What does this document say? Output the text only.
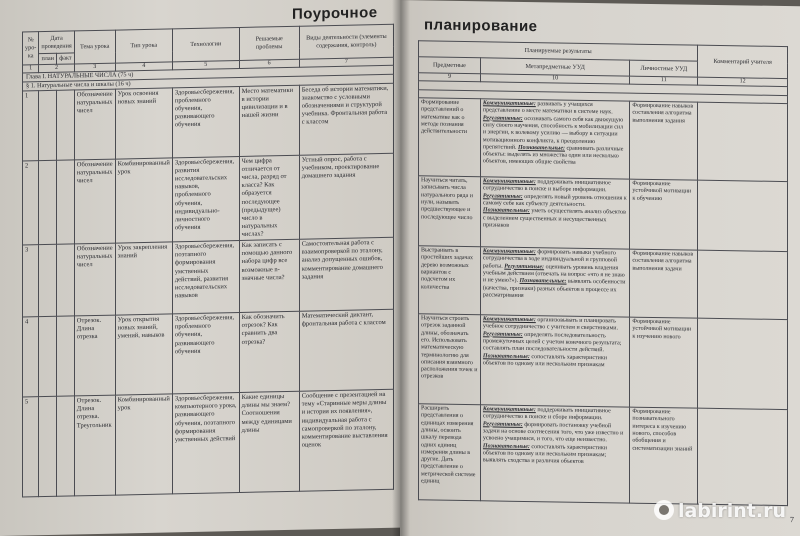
Поурочное
№ уро-ка	Дата проведения		Тема урока	Тип урока	Технологии	Решаемые проблемы	Виды деятельности (элементы содержания, контроль)
	план	факт					
1	2		3	4	5	6	7
Глава I. НАТУРАЛЬНЫЕ ЧИСЛА (75 ч)							
§ 1. Натуральные числа и шкалы (16 ч)							
1			Обозначение натуральных чисел	Урок освоения новых знаний	Здоровьесбережения, проблемного обучения, развивающего обучения	Место математики в истории цивилизации и в нашей жизни	Беседа об истории математики, знакомство с условными обозначениями и структурой учебника. Фронтальная работа с классом
2			Обозначение натуральных чисел	Комбинированный урок	Здоровьесбережения, развития исследовательских навыков, проблемного обучения, индивидуально-личностного обучения	Чем цифра отличается от числа, разряд от класса? Как образуется последующее (предыдущее) число в натуральных числах?	Устный опрос, работа с учебником, проектирование домашнего задания
3			Обозначение натуральных чисел	Урок закрепления знаний	Здоровьесбережения, поэтапного формирования умственных действий, развития исследовательских навыков	Как записать с помощью данного набора цифр все возможные n-значные числа?	Самостоятельная работа с взаимопроверкой по эталону, анализ допущенных ошибок, комментирование домашнего задания
4			Отрезок. Длина отрезка	Урок открытия новых знаний, умений, навыков	Здоровьесбережения, проблемного обучения, развивающего обучения	Как обозначить отрезок? Как сравнить два отрезка?	Математический диктант, фронтальная работа с классом
5			Отрезок. Длина отрезка. Треугольник	Комбинированный урок	Здоровьесбережения, компьютерного урока, развивающего обучения, поэтапного формирования умственных действий	Какие единицы длины мы знаем? Соотношения между единицами длины	Сообщение с презентацией на тему «Старинные меры длины и история их появления», индивидуальная работа с самопроверкой по эталону, комментирование выставления оценок
планирование
Планируемые результаты			Комментарий учителя
Предметные	Метапредметные УУД	Личностные УУД	
9	10	11	12

Формирование представлений о математике как о методе познания действительности	Коммуникативные: развивать у учащихся представление о месте математики в системе наук. Регулятивные: осознавать самого себя как движущую силу своего научения, способность к мобилизации сил и энергии, к волевому усилию — выбору в ситуации мотивационного конфликта, к преодолению препятствий. Познавательные: сравнивать различные объекты: выделять из множества один или несколько объектов, имеющих общие свойства	Формирование навыков составления алгоритма выполнения задания	
Научиться читать, записывать числа натурального ряда и нули, называть предшествующее и последующее число	Коммуникативные: поддерживать инициативное сотрудничество в поиске и выборе информации. Регулятивные: определять новый уровень отношения к самому себе как субъекту деятельности. Познавательные: уметь осуществлять анализ объектов с выделением существенных и несущественных признаков	Формирование устойчивой мотивации к обучению	
Выстраивать в простейших задачах дерево возможных вариантов с подсчетом их количества	Коммуникативные: формировать навыки учебного сотрудничества в ходе индивидуальной и групповой работы. Регулятивные: оценивать уровень владения учебным действием (отвечать на вопрос «что я не знаю и не умею?»). Познавательные: выявлять особенности (качества, признаки) разных объектов в процессе их рассматривания	Формирование навыков составления алгоритма выполнения задачи	
Научиться строить отрезок заданной длины, обозначать его. Использовать математическую терминологию для описания взаимного расположения точек и отрезков	Коммуникативные: организовывать и планировать учебное сотрудничество с учителем и сверстниками. Регулятивные: определять последовательность промежуточных целей с учетом конечного результата; составлять план последовательности действий. Познавательные: сопоставлять характеристики объектов по одному или нескольким признакам	Формирование устойчивой мотивации к изучению нового	
Расширить представления о единицах измерения длины, освоить шкалу перевода одних единиц измерения длины в другие. Дать представление о метрической системе единиц	Коммуникативные: поддерживать инициативное сотрудничество в поиске и сборе информации. Регулятивные: формировать постановку учебной задачи на основе соотнесения того, что уже известно и усвоено учащимися, и того, что еще неизвестно. Познавательные: сопоставлять характеристики объектов по одному или нескольким признакам; выявлять сходства и различия объектов	Формирование познавательного интереса к изучению нового, способов обобщения и систематизации знаний	
7
labirint.ru
